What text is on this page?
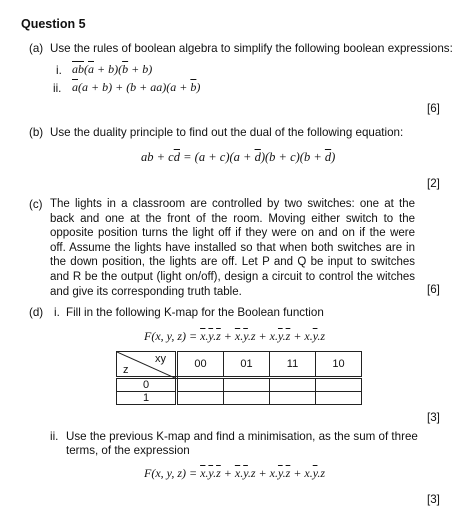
Question 5
(a) Use the rules of boolean algebra to simplify the following boolean expressions:
i. $\overline{ab}(\overline{a} + b)(\overline{b} + b)$
ii. $\overline{a}(a + b) + (b + aa)(a + \overline{b})$
[6]
(b) Use the duality principle to find out the dual of the following equation:
ab + $c\overline{d} = (a + c)(a + \overline{d})(b + c)(b + \overline{d})$
[2]
(c) The lights in a classroom are controlled by two switches: one at the back and one at the front of the room. Moving either switch to the opposite position turns the light off if they were on and on if the were off. Assume the lights have installed so that when both switches are in the down position, the lights are off. Let P and Q be input to switches and R be the output (light on/off), design a circuit to control the witches and give its corresponding truth table.	[6]
(d) i. Fill in the following K-map for the Boolean function
F(x, y, $z) = \overline{x}.\overline{y}.\overline{z} + \overline{x}.\overline{y}.z + x.\overline{y}.\overline{z} + x.\overline{y}.z$
xy
z	00	01	11	10
0				
1				
[3]
ii. Use the previous K-map and find a minimisation, as the sum of three
terms, of the expression
F(x, y, $z) = \overline{x}.\overline{y}.\overline{z} + \overline{x}.\overline{y}.z + x.\overline{y}.\overline{z} + x.\overline{y}.z$
[3]
